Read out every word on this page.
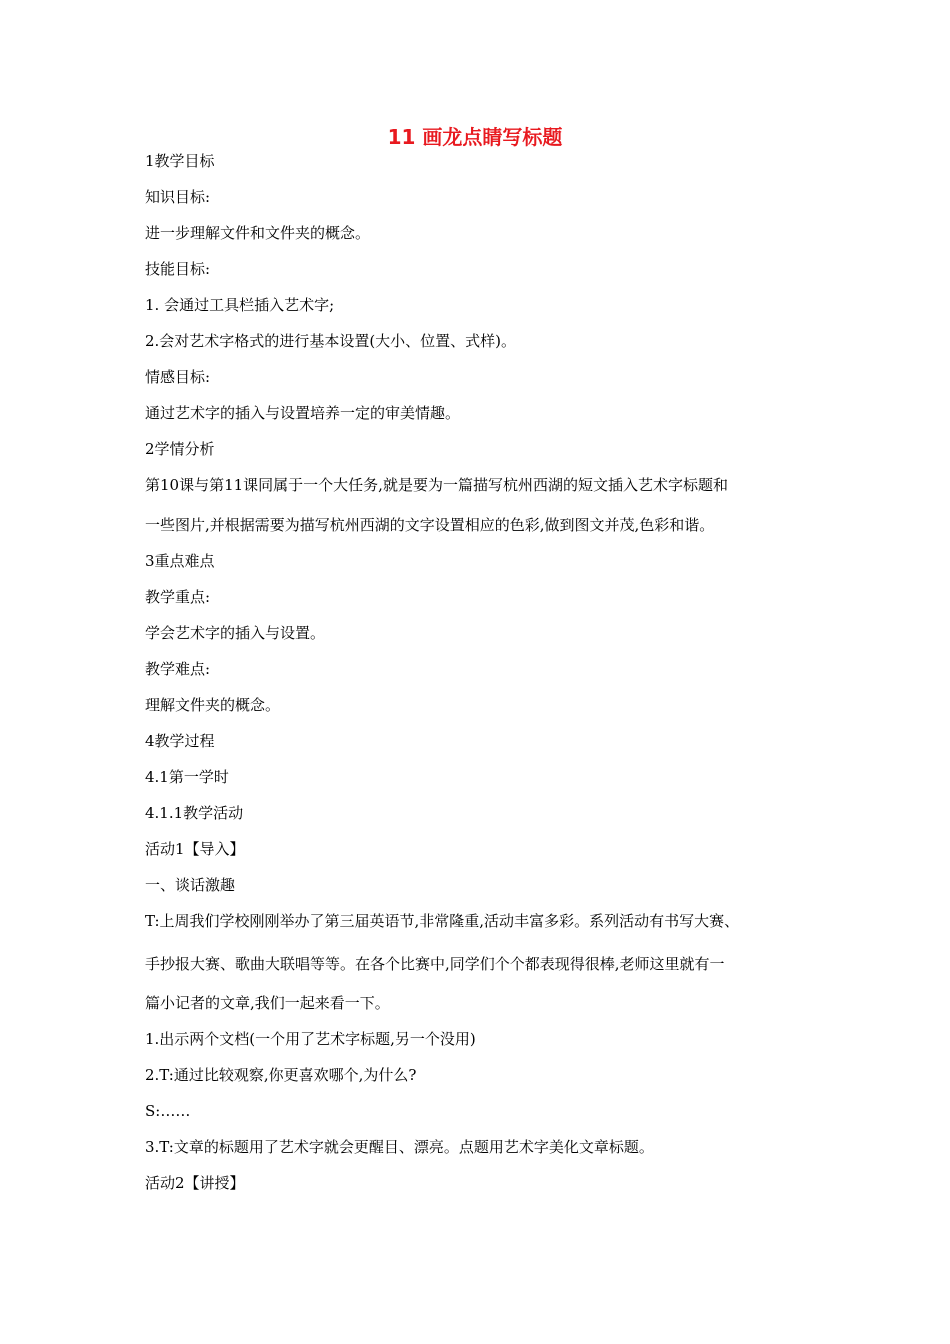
11 画龙点睛写标题
1教学目标
知识目标:
进一步理解文件和文件夹的概念。
技能目标:
1. 会通过工具栏插入艺术字;
2.会对艺术字格式的进行基本设置(大小、位置、式样)。
情感目标:
通过艺术字的插入与设置培养一定的审美情趣。
2学情分析
第10课与第11课同属于一个大任务,就是要为一篇描写杭州西湖的短文插入艺术字标题和
一些图片,并根据需要为描写杭州西湖的文字设置相应的色彩,做到图文并茂,色彩和谐。
3重点难点
教学重点:
学会艺术字的插入与设置。
教学难点:
理解文件夹的概念。
4教学过程
4.1第一学时
4.1.1教学活动
活动1【导入】
一、谈话激趣
T:上周我们学校刚刚举办了第三届英语节,非常隆重,活动丰富多彩。系列活动有书写大赛、
手抄报大赛、歌曲大联唱等等。在各个比赛中,同学们个个都表现得很棒,老师这里就有一
篇小记者的文章,我们一起来看一下。
1.出示两个文档(一个用了艺术字标题,另一个没用)
2.T:通过比较观察,你更喜欢哪个,为什么?
S:……
3.T:文章的标题用了艺术字就会更醒目、漂亮。点题用艺术字美化文章标题。
活动2【讲授】
